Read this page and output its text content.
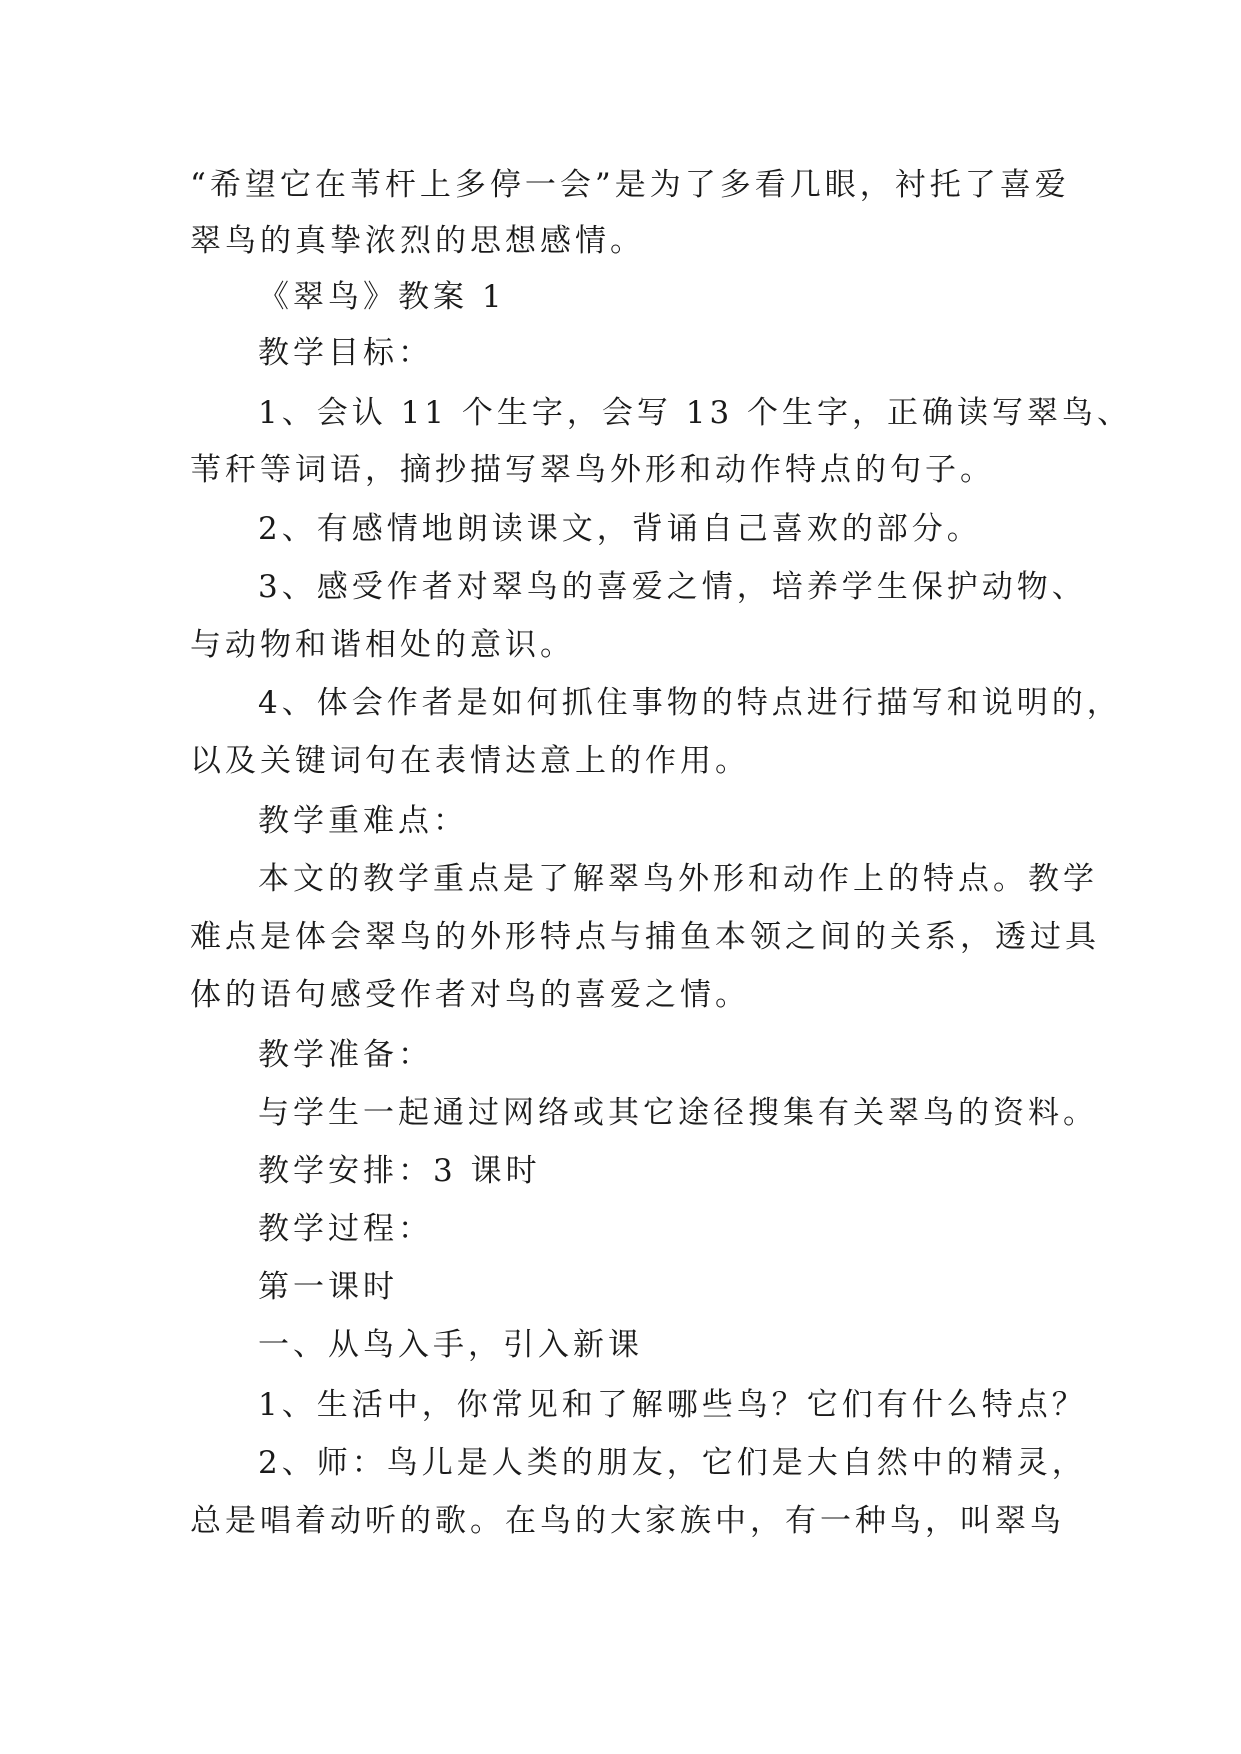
“希望它在苇杆上多停一会”是为了多看几眼，衬托了喜爱
翠鸟的真挚浓烈的思想感情。
《翠鸟》教案 1
教学目标：
1、会认 11 个生字，会写 13 个生字，正确读写翠鸟、
苇秆等词语，摘抄描写翠鸟外形和动作特点的句子。
2、有感情地朗读课文，背诵自己喜欢的部分。
3、感受作者对翠鸟的喜爱之情，培养学生保护动物、
与动物和谐相处的意识。
4、体会作者是如何抓住事物的特点进行描写和说明的，
以及关键词句在表情达意上的作用。
教学重难点：
本文的教学重点是了解翠鸟外形和动作上的特点。教学
难点是体会翠鸟的外形特点与捕鱼本领之间的关系，透过具
体的语句感受作者对鸟的喜爱之情。
教学准备：
与学生一起通过网络或其它途径搜集有关翠鸟的资料。
教学安排：3 课时
教学过程：
第一课时
一、从鸟入手，引入新课
1、生活中，你常见和了解哪些鸟？它们有什么特点？
2、师：鸟儿是人类的朋友，它们是大自然中的精灵，
总是唱着动听的歌。在鸟的大家族中，有一种鸟，叫翠鸟
